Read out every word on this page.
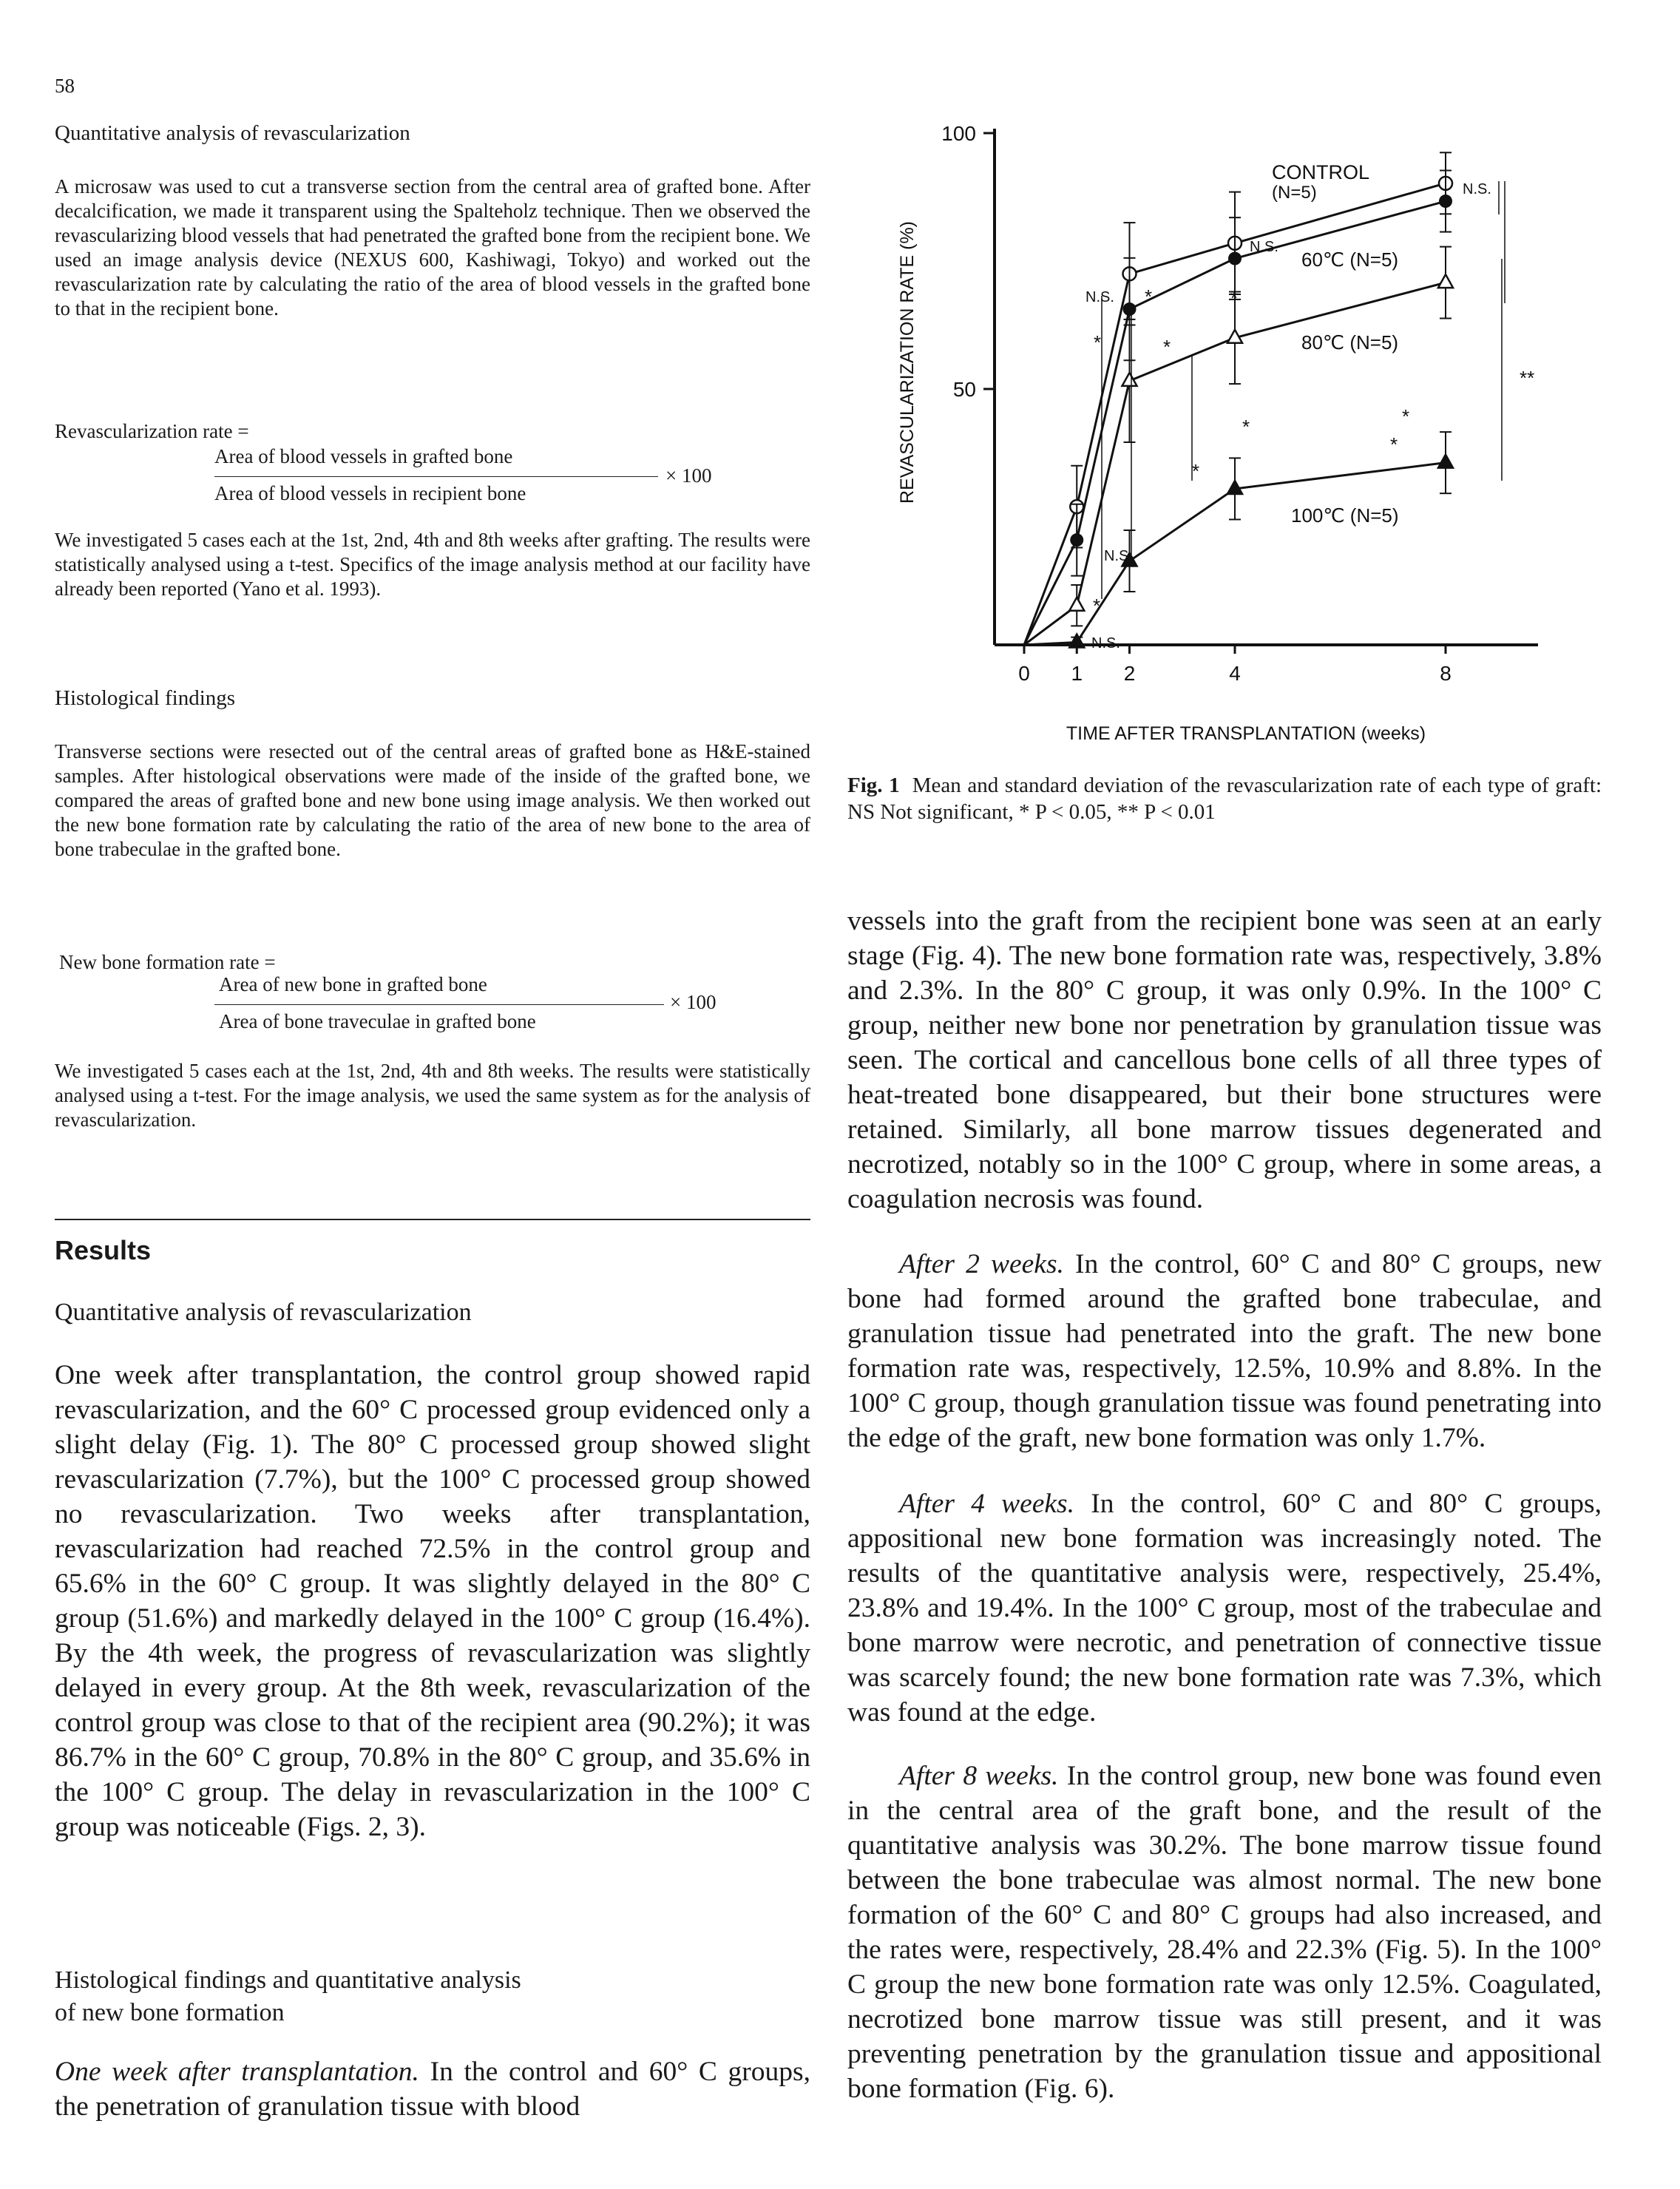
58
Quantitative analysis of revascularization

A microsaw was used to cut a transverse section from the central area of grafted bone. After decalcification, we made it transparent using the Spalteholz technique. Then we observed the revascularizing blood vessels that had penetrated the grafted bone from the recipient bone. We used an image analysis device (NEXUS 600, Kashiwagi, Tokyo) and worked out the revascularization rate by calculating the ratio of the area of blood vessels in the grafted bone to that in the recipient bone.

Revascularization rate =
Area of blood vessels in grafted bone
× 100
Area of blood vessels in recipient bone

We investigated 5 cases each at the 1st, 2nd, 4th and 8th weeks after grafting. The results were statistically analysed using a t-test. Specifics of the image analysis method at our facility have already been reported (Yano et al. 1993).

Histological findings

Transverse sections were resected out of the central areas of grafted bone as H&E-stained samples. After histological observations were made of the inside of the grafted bone, we compared the areas of grafted bone and new bone using image analysis. We then worked out the new bone formation rate by calculating the ratio of the area of new bone to the area of bone trabeculae in the grafted bone.

New bone formation rate =
Area of new bone in grafted bone
× 100
Area of bone traveculae in grafted bone

We investigated 5 cases each at the 1st, 2nd, 4th and 8th weeks. The results were statistically analysed using a t-test. For the image analysis, we used the same system as for the analysis of revascularization.

Results
Quantitative analysis of revascularization

One week after transplantation, the control group showed rapid revascularization, and the 60° C processed group evidenced only a slight delay (Fig. 1). The 80° C processed group showed slight revascularization (7.7%), but the 100° C processed group showed no revascularization. Two weeks after transplantation, revascularization had reached 72.5% in the control group and 65.6% in the 60° C group. It was slightly delayed in the 80° C group (51.6%) and markedly delayed in the 100° C group (16.4%). By the 4th week, the progress of revascularization was slightly delayed in every group. At the 8th week, revascularization of the control group was close to that of the recipient area (90.2%); it was 86.7% in the 60° C group, 70.8% in the 80° C group, and 35.6% in the 100° C group. The delay in revascularization in the 100° C group was noticeable (Figs. 2, 3).

Histological findings and quantitative analysis
of new bone formation

One week after transplantation. In the control and 60° C groups, the penetration of granulation tissue with blood

100
50
0 1 2	4	8
REVASCULARIZATION RATE (%)
TIME AFTER TRANSPLANTATION (weeks)
CONTROL
(N=5)
60℃ (N=5)
80℃ (N=5)
100℃ (N=5)
N.S.
N.S.
N.S.
N.S.
N.S.
*
*
*
*
*
**
*
*
*
*

Fig. 1 Mean and standard deviation of the revascularization rate of each type of graft: NS Not significant, * P < 0.05, ** P < 0.01

vessels into the graft from the recipient bone was seen at an early stage (Fig. 4). The new bone formation rate was, respectively, 3.8% and 2.3%. In the 80° C group, it was only 0.9%. In the 100° C group, neither new bone nor penetration by granulation tissue was seen. The cortical and cancellous bone cells of all three types of heat-treated bone disappeared, but their bone structures were retained. Similarly, all bone marrow tissues degenerated and necrotized, notably so in the 100° C group, where in some areas, a coagulation necrosis was found.

After 2 weeks. In the control, 60° C and 80° C groups, new bone had formed around the grafted bone trabeculae, and granulation tissue had penetrated into the graft. The new bone formation rate was, respectively, 12.5%, 10.9% and 8.8%. In the 100° C group, though granulation tissue was found penetrating into the edge of the graft, new bone formation was only 1.7%.

After 4 weeks. In the control, 60° C and 80° C groups, appositional new bone formation was increasingly noted. The results of the quantitative analysis were, respectively, 25.4%, 23.8% and 19.4%. In the 100° C group, most of the trabeculae and bone marrow were necrotic, and penetration of connective tissue was scarcely found; the new bone formation rate was 7.3%, which was found at the edge.

After 8 weeks. In the control group, new bone was found even in the central area of the graft bone, and the result of the quantitative analysis was 30.2%. The bone marrow tissue found between the bone trabeculae was almost normal. The new bone formation of the 60° C and 80° C groups had also increased, and the rates were, respectively, 28.4% and 22.3% (Fig. 5). In the 100° C group the new bone formation rate was only 12.5%. Coagulated, necrotized bone marrow tissue was still present, and it was preventing penetration by the granulation tissue and appositional bone formation (Fig. 6).
